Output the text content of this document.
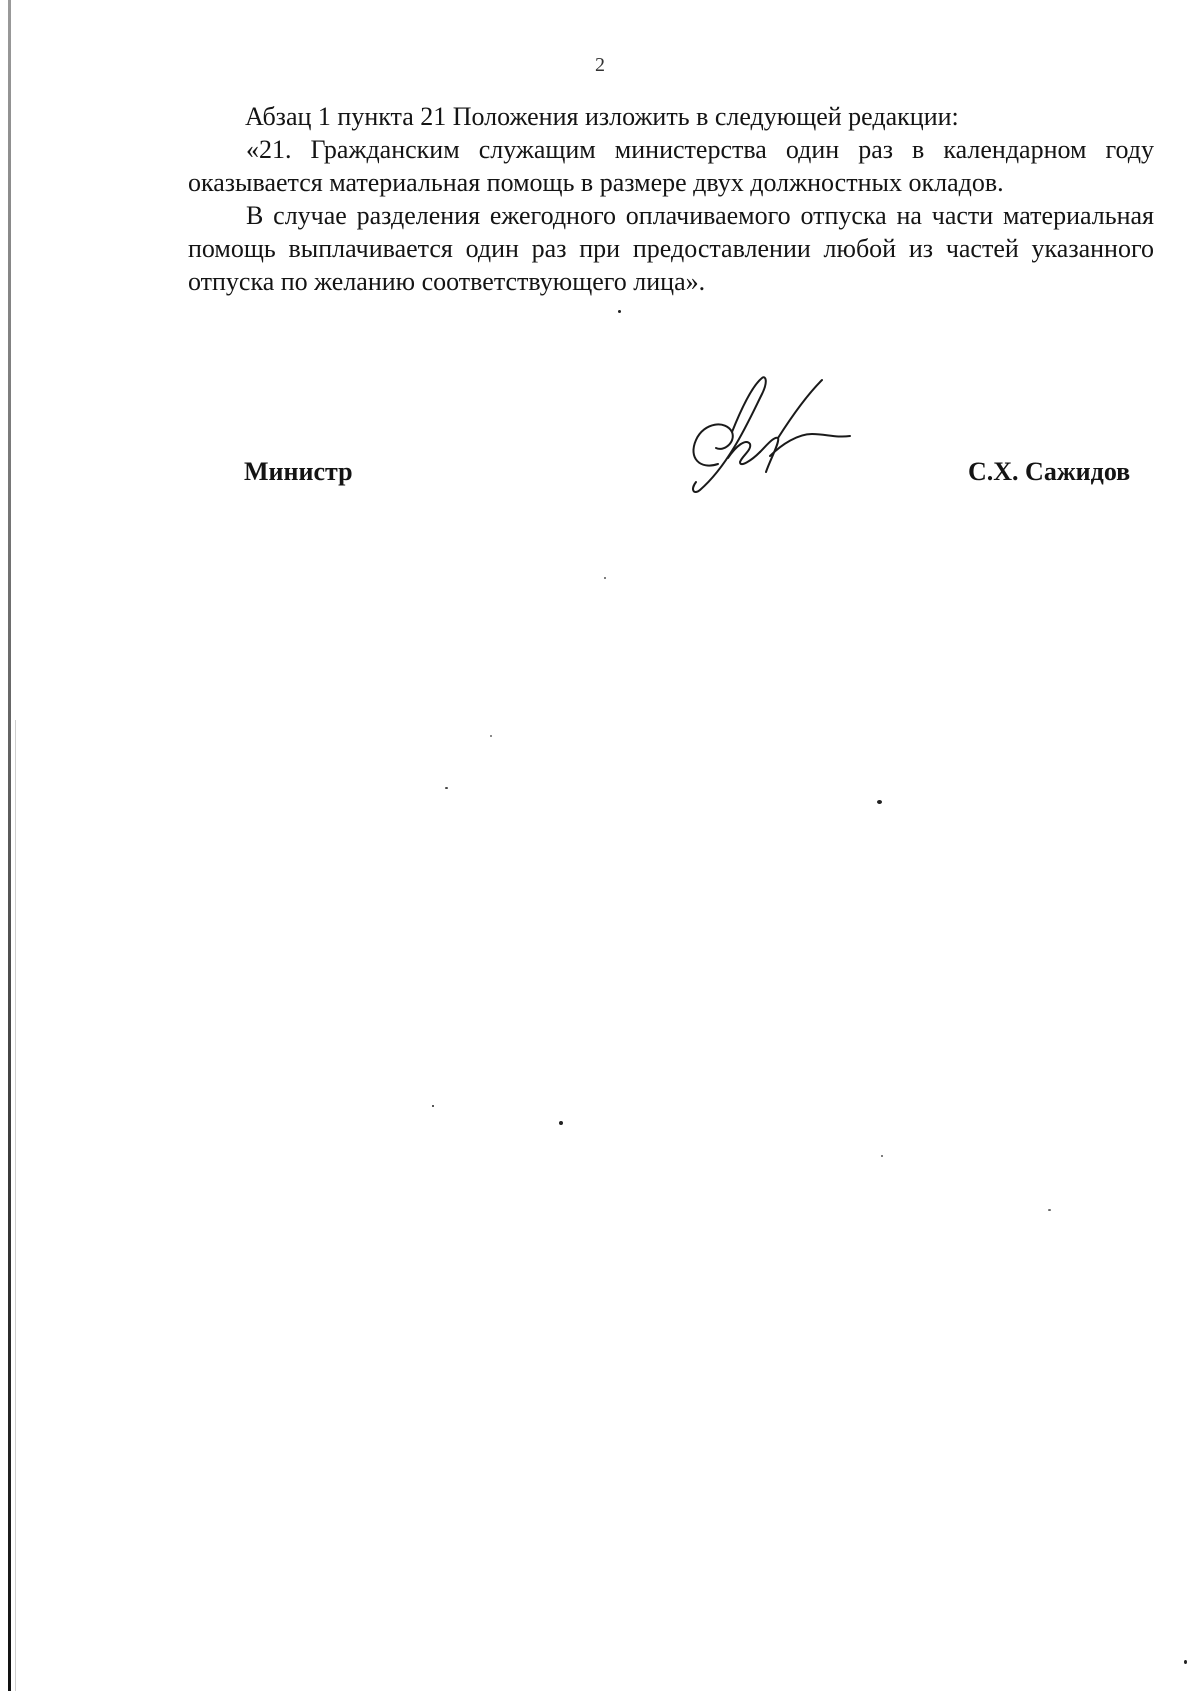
2

Абзац 1 пункта 21 Положения изложить в следующей редакции:

«21. Гражданским служащим министерства один раз в календарном году оказывается материальная помощь в размере двух должностных окладов.

В случае разделения ежегодного оплачиваемого отпуска на части материальная помощь выплачивается один раз при предоставлении любой из частей указанного отпуска по желанию соответствующего лица».

Министр	С.Х. Сажидов
